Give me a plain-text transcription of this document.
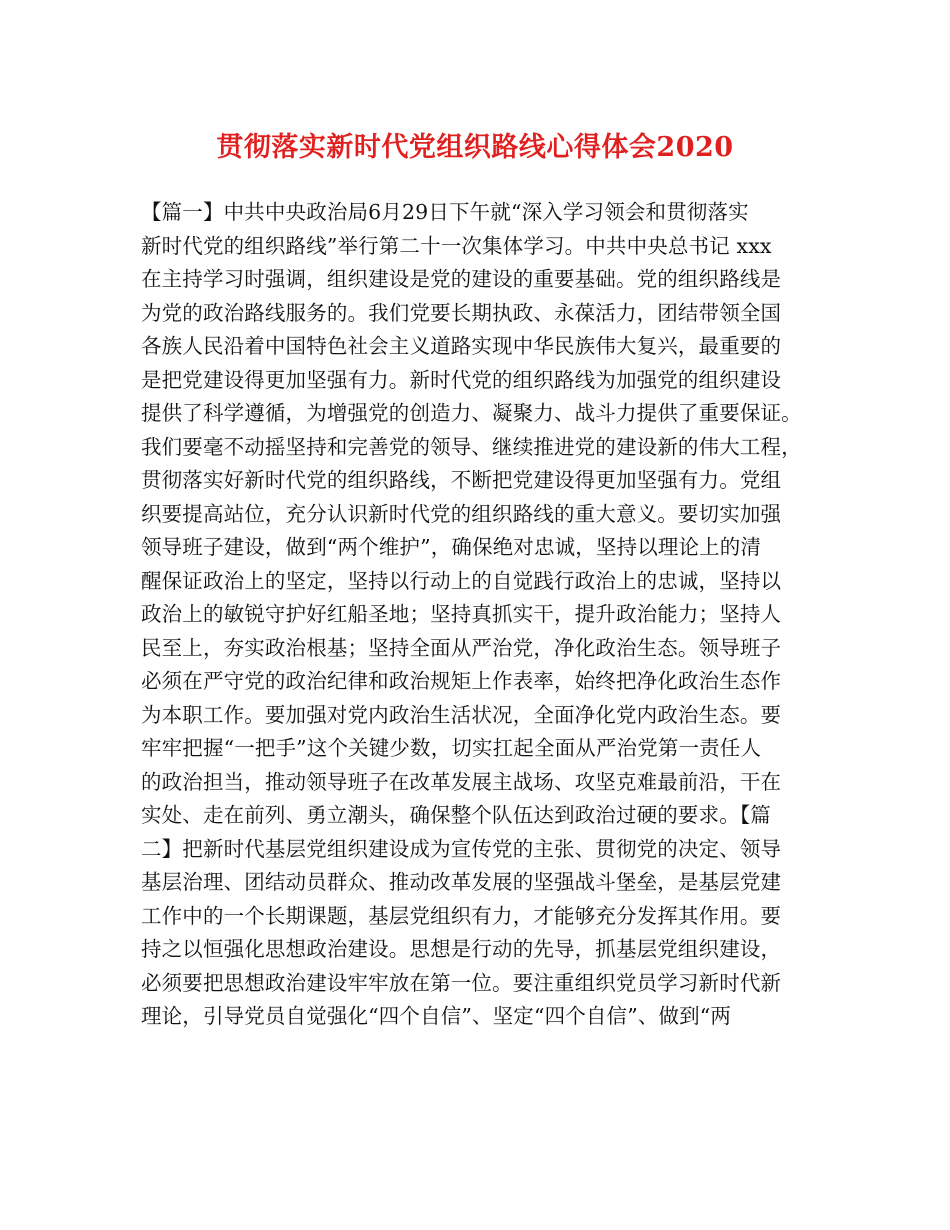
贯彻落实新时代党组织路线心得体会2020
【篇一】中共中央政治局6月29日下午就“深入学习领会和贯彻落实
新时代党的组织路线”举行第二十一次集体学习。中共中央总书记 xxx
在主持学习时强调，组织建设是党的建设的重要基础。党的组织路线是
为党的政治路线服务的。我们党要长期执政、永葆活力，团结带领全国
各族人民沿着中国特色社会主义道路实现中华民族伟大复兴，最重要的
是把党建设得更加坚强有力。新时代党的组织路线为加强党的组织建设
提供了科学遵循，为增强党的创造力、凝聚力、战斗力提供了重要保证。
我们要毫不动摇坚持和完善党的领导、继续推进党的建设新的伟大工程，
贯彻落实好新时代党的组织路线，不断把党建设得更加坚强有力。党组
织要提高站位，充分认识新时代党的组织路线的重大意义。要切实加强
领导班子建设，做到“两个维护”，确保绝对忠诚，坚持以理论上的清
醒保证政治上的坚定，坚持以行动上的自觉践行政治上的忠诚，坚持以
政治上的敏锐守护好红船圣地；坚持真抓实干，提升政治能力；坚持人
民至上，夯实政治根基；坚持全面从严治党，净化政治生态。领导班子
必须在严守党的政治纪律和政治规矩上作表率，始终把净化政治生态作
为本职工作。要加强对党内政治生活状况，全面净化党内政治生态。要
牢牢把握“一把手”这个关键少数，切实扛起全面从严治党第一责任人
的政治担当，推动领导班子在改革发展主战场、攻坚克难最前沿，干在
实处、走在前列、勇立潮头，确保整个队伍达到政治过硬的要求。【篇
二】把新时代基层党组织建设成为宣传党的主张、贯彻党的决定、领导
基层治理、团结动员群众、推动改革发展的坚强战斗堡垒，是基层党建
工作中的一个长期课题，基层党组织有力，才能够充分发挥其作用。要
持之以恒强化思想政治建设。思想是行动的先导，抓基层党组织建设，
必须要把思想政治建设牢牢放在第一位。要注重组织党员学习新时代新
理论，引导党员自觉强化“四个自信”、坚定“四个自信”、做到“两
